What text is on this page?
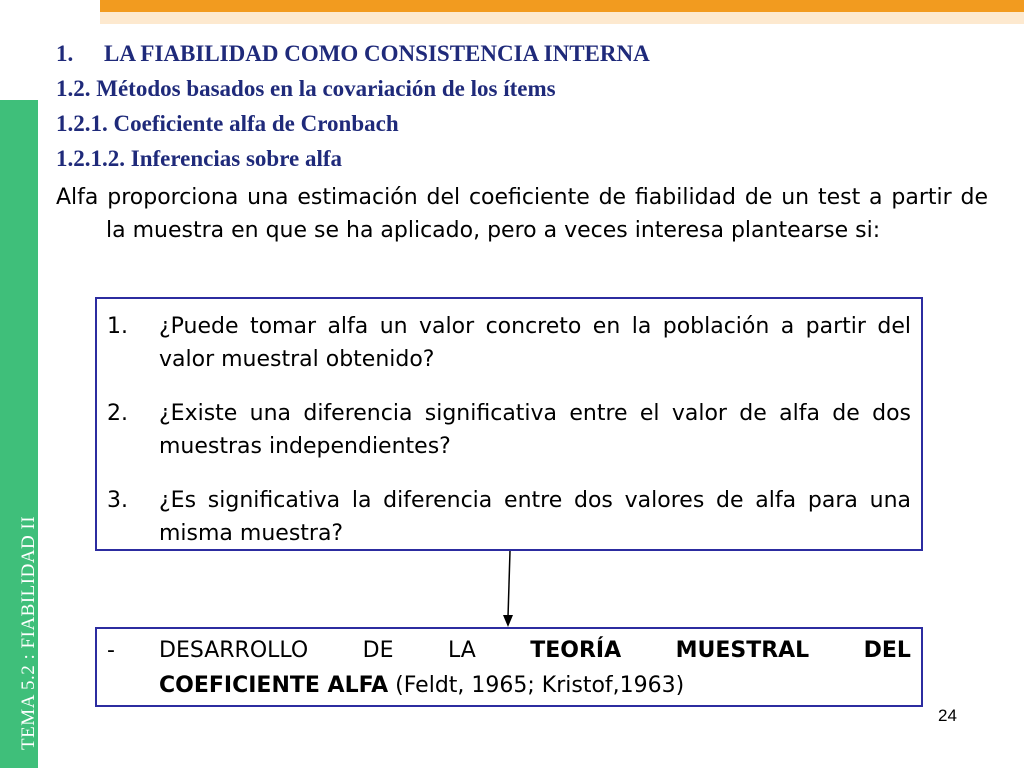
TEMA 5.2 : FIABILIDAD II
1.	LA FIABILIDAD COMO CONSISTENCIA INTERNA
1.2. Métodos basados en la covariación de los ítems
1.2.1. Coeficiente alfa de Cronbach
1.2.1.2. Inferencias sobre alfa
Alfa proporciona una estimación del coeficiente de fiabilidad de un test a partir de la muestra en que se ha aplicado, pero a veces interesa plantearse si:
1.	¿Puede tomar alfa un valor concreto en la población a partir del valor muestral obtenido?
2.	¿Existe una diferencia significativa entre el valor de alfa de dos muestras independientes?
3.	¿Es significativa la diferencia entre dos valores de alfa para una misma muestra?
-	DESARROLLO DE LA TEORÍA MUESTRAL DEL
COEFICIENTE ALFA (Feldt, 1965; Kristof,1963)
24
